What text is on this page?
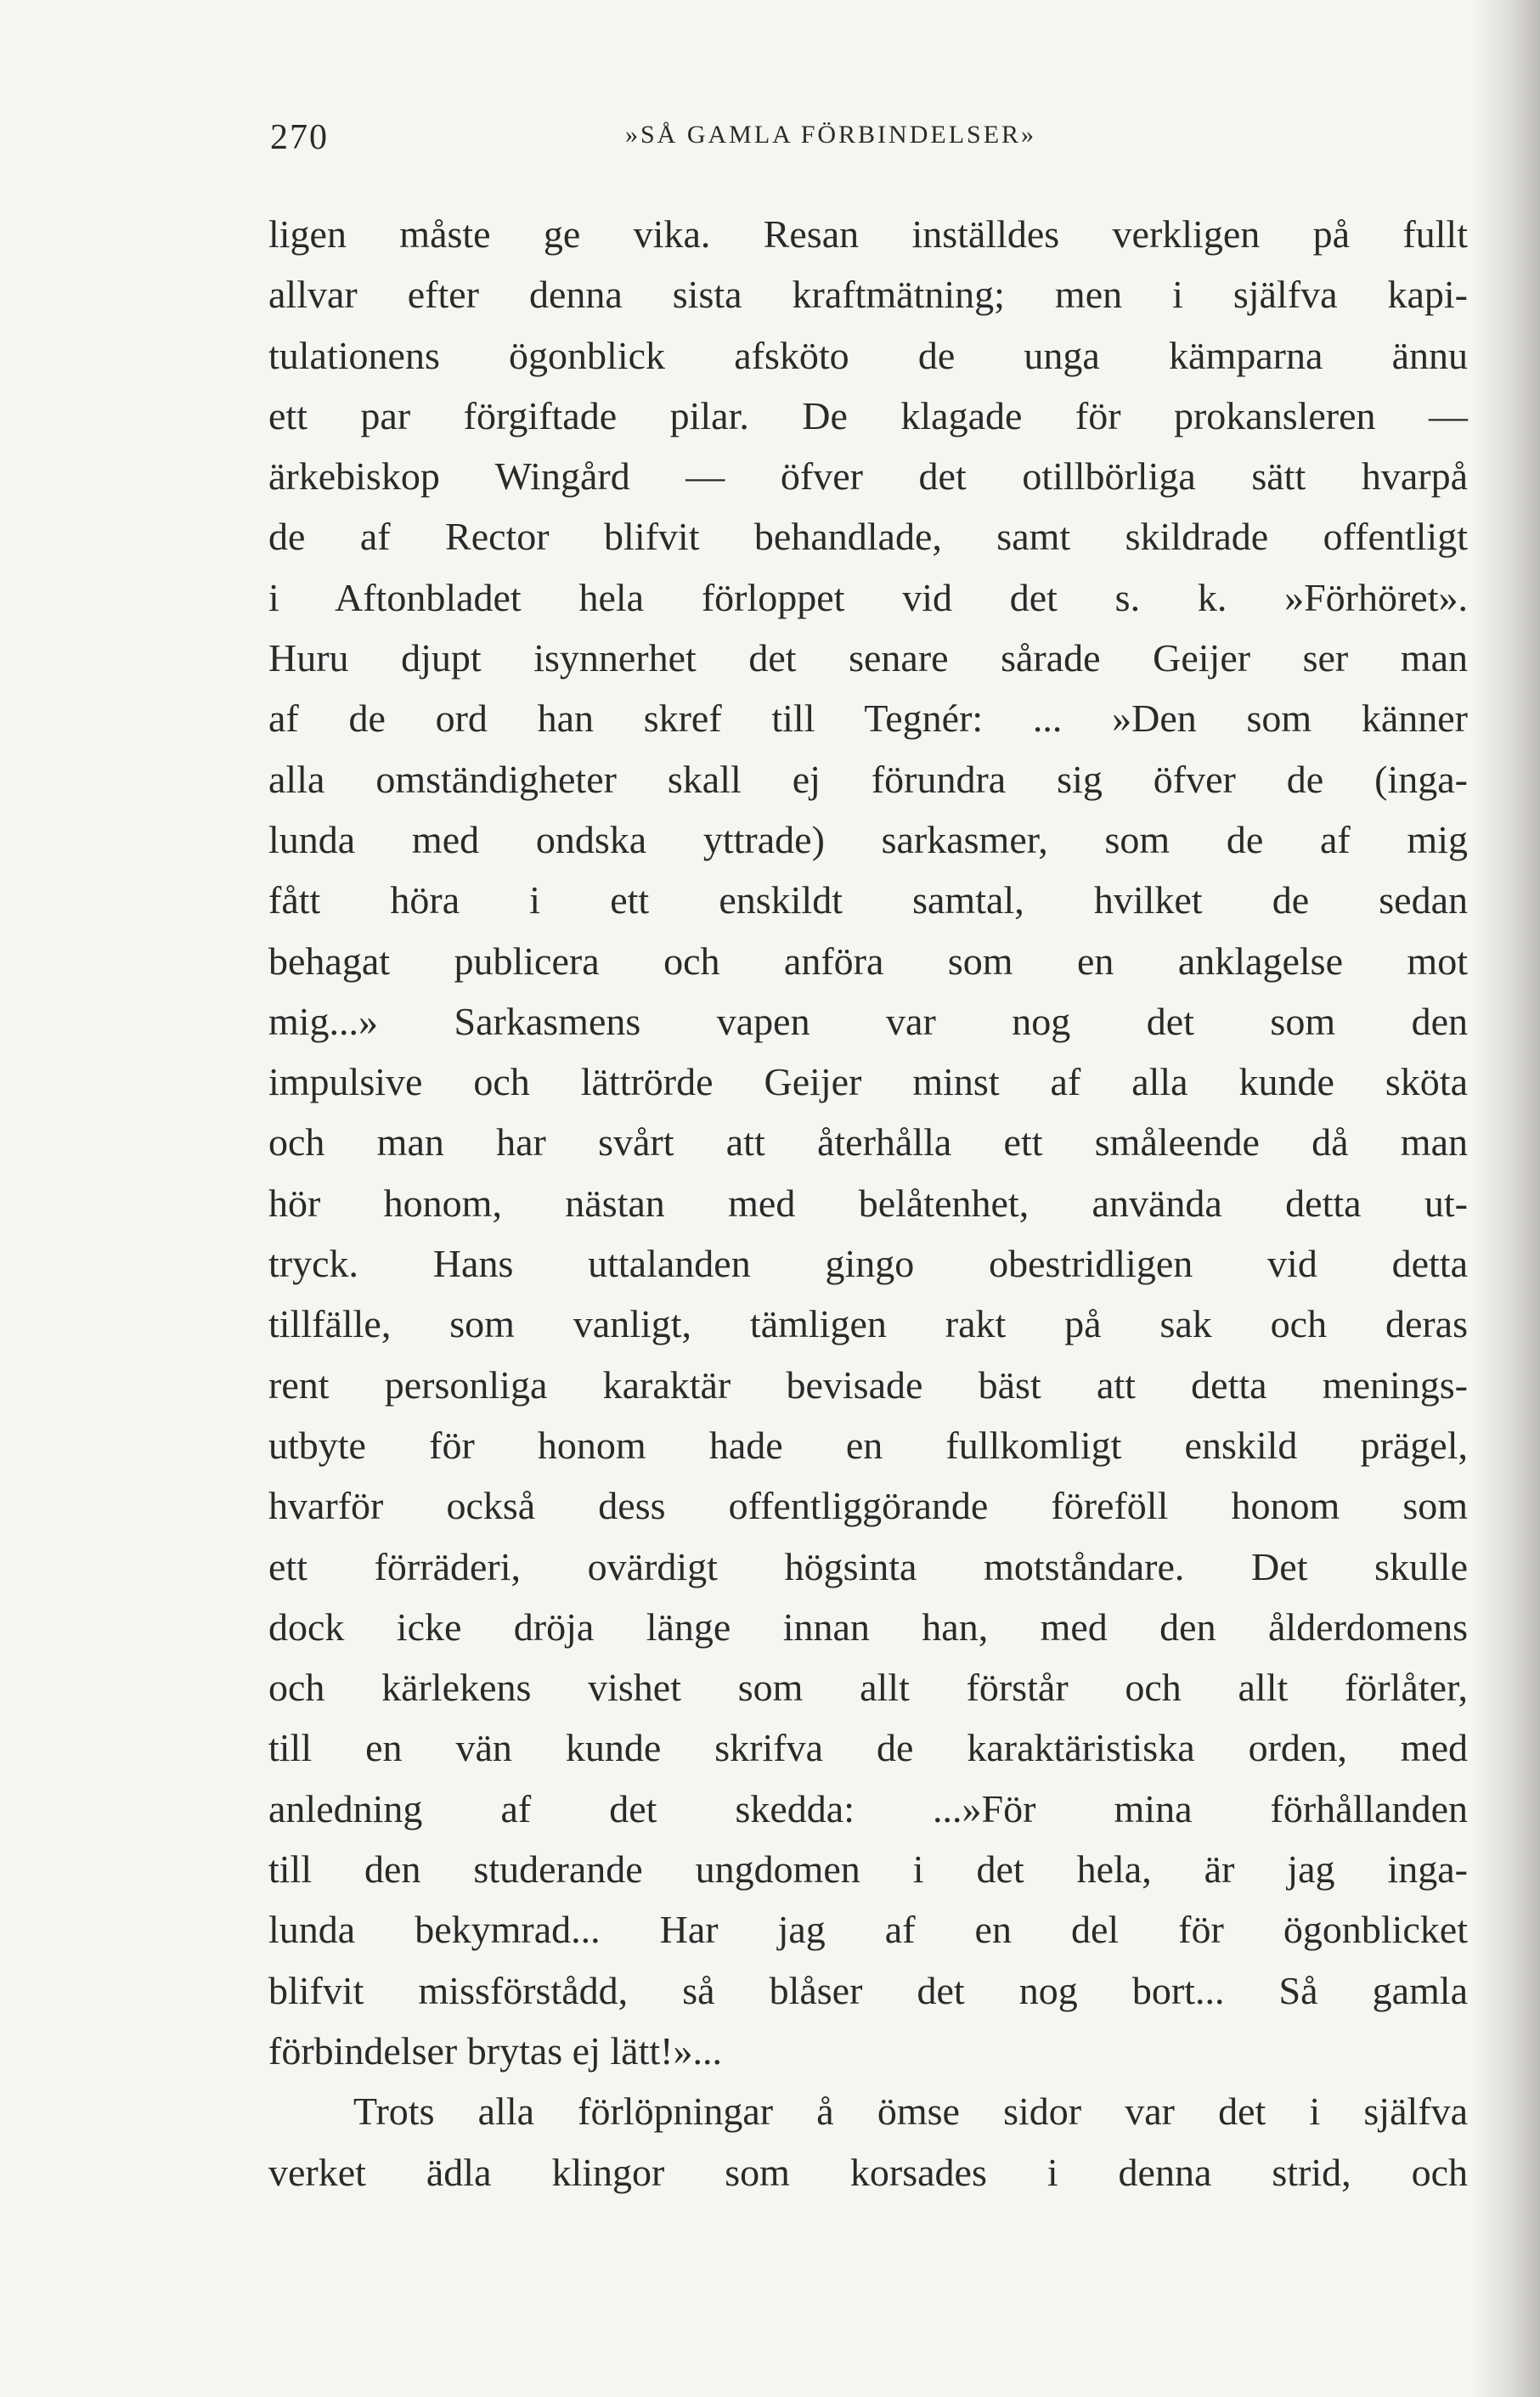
270	»SÅ GAMLA FÖRBINDELSER»
ligen måste ge vika. Resan inställdes verkligen på fullt
allvar efter denna sista kraftmätning; men i själfva kapi-
tulationens ögonblick afsköto de unga kämparna ännu
ett par förgiftade pilar. De klagade för prokansleren —
ärkebiskop Wingård — öfver det otillbörliga sätt hvarpå
de af Rector blifvit behandlade, samt skildrade offentligt
i Aftonbladet hela förloppet vid det s. k. »Förhöret».
Huru djupt isynnerhet det senare sårade Geijer ser man
af de ord han skref till Tegnér: ... »Den som känner
alla omständigheter skall ej förundra sig öfver de (inga-
lunda med ondska yttrade) sarkasmer, som de af mig
fått höra i ett enskildt samtal, hvilket de sedan
behagat publicera och anföra som en anklagelse mot
mig...» Sarkasmens vapen var nog det som den
impulsive och lättrörde Geijer minst af alla kunde sköta
och man har svårt att återhålla ett småleende då man
hör honom, nästan med belåtenhet, använda detta ut-
tryck. Hans uttalanden gingo obestridligen vid detta
tillfälle, som vanligt, tämligen rakt på sak och deras
rent personliga karaktär bevisade bäst att detta menings-
utbyte för honom hade en fullkomligt enskild prägel,
hvarför också dess offentliggörande föreföll honom som
ett förräderi, ovärdigt högsinta motståndare. Det skulle
dock icke dröja länge innan han, med den ålderdomens
och kärlekens vishet som allt förstår och allt förlåter,
till en vän kunde skrifva de karaktäristiska orden, med
anledning af det skedda: ...»För mina förhållanden
till den studerande ungdomen i det hela, är jag inga-
lunda bekymrad... Har jag af en del för ögonblicket
blifvit missförstådd, så blåser det nog bort... Så gamla
förbindelser brytas ej lätt!»...
Trots alla förlöpningar å ömse sidor var det i själfva
verket ädla klingor som korsades i denna strid, och
